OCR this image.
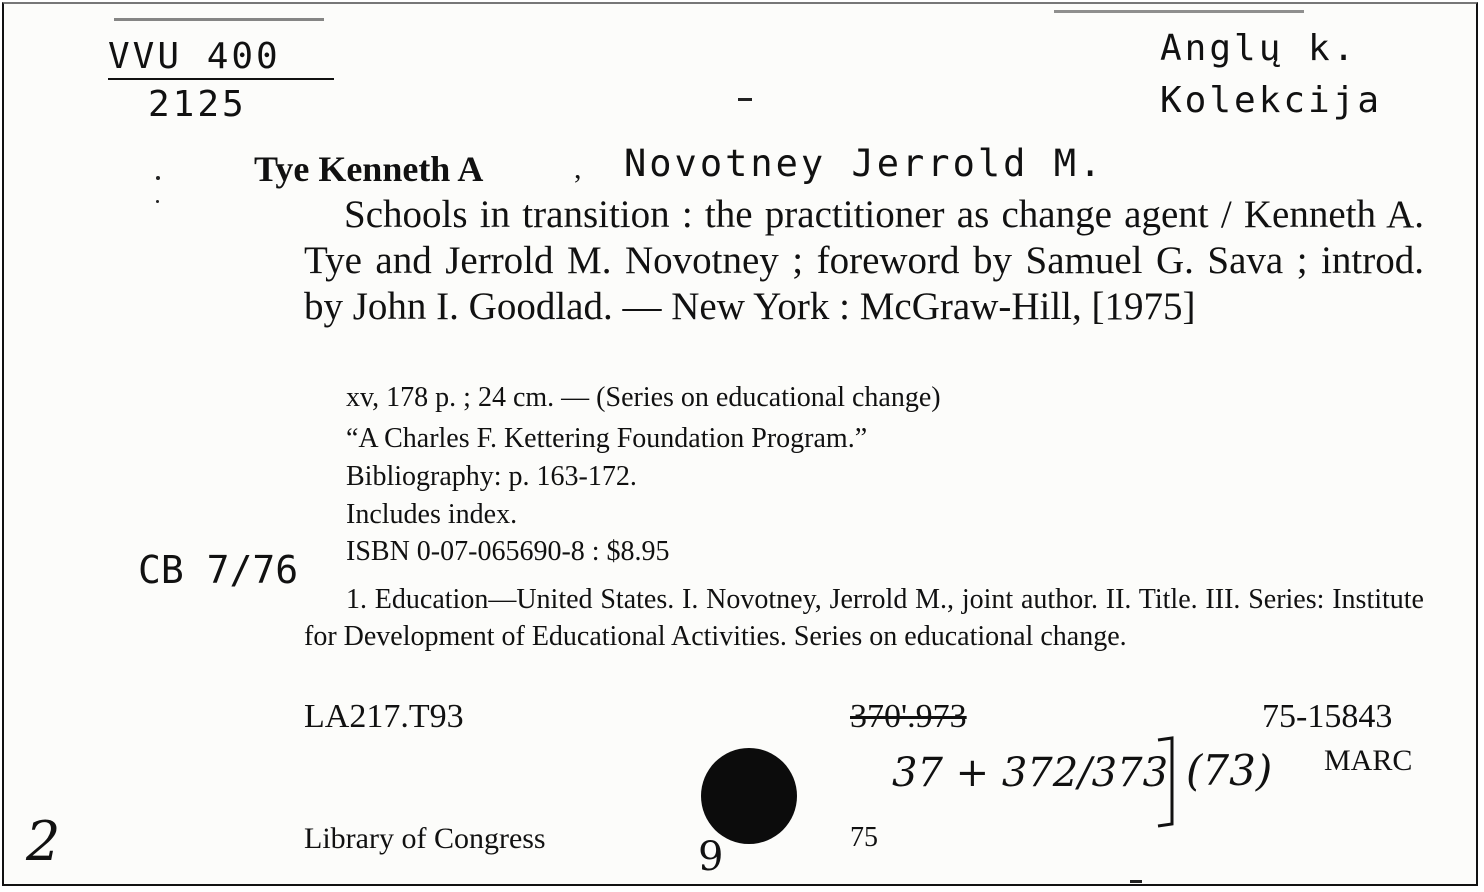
VVU 400
2125
Anglų k.
Kolekcija
Tye Kenneth A	, Novotney Jerrold M.
Schools in transition : the practitioner as change agent / Kenneth A. Tye and Jerrold M. Novotney ; foreword by Samuel G. Sava ; introd. by John I. Goodlad. — New York : McGraw-Hill, [1975]
xv, 178 p. ; 24 cm. — (Series on educational change)
“A Charles F. Kettering Foundation Program.”
Bibliography: p. 163-172.
Includes index.
ISBN 0-07-065690-8 : $8.95
CB 7/76
1. Education—United States. I. Novotney, Jerrold M., joint author. II. Title. III. Series: Institute for Development of Educational Activities. Series on educational change.
LA217.T93	370'.973	75-15843
37 + 372/373 (73) MARC
Library of Congress	75
9
2
